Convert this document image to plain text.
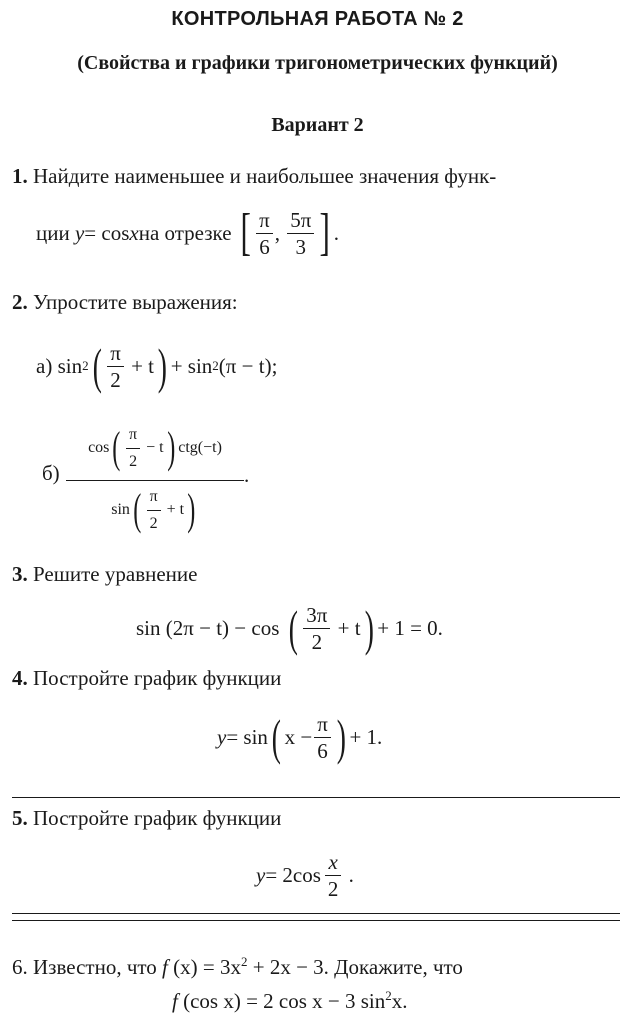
КОНТРОЛЬНАЯ РАБОТА № 2
(Свойства и графики тригонометрических функций)
Вариант 2
1. Найдите наименьшее и наибольшее значения функ-
ции
y = cos x на отрезке
[ $\frac{\pi}{6}$ ,
$\frac{5\pi}{3}$ ] .
2. Упростите выражения:
а) sin 2 ( $\frac{\pi}{2}$
+ t ) + sin 2 (π − t);
б)
cos ( $\frac{\pi}{2}$
− t ) ctg(−t)
sin ( $\frac{\pi}{2}$
+ t )
.
3. Решите уравнение
sin (2π − t) − cos
( $\frac{3\pi}{2}$
+ t ) + 1 = 0.
4. Постройте график функции
y = sin ( $x - \frac{\pi}{6}$ ) + 1.
5. Постройте график функции
$y = 2\cos \frac{x}{2}$
.
6. Известно, что f $(x) = 3x^2 + 2x - 3$. Докажите, что
f (cos x) = 2 cos x − 3 $\sin^2x$.
